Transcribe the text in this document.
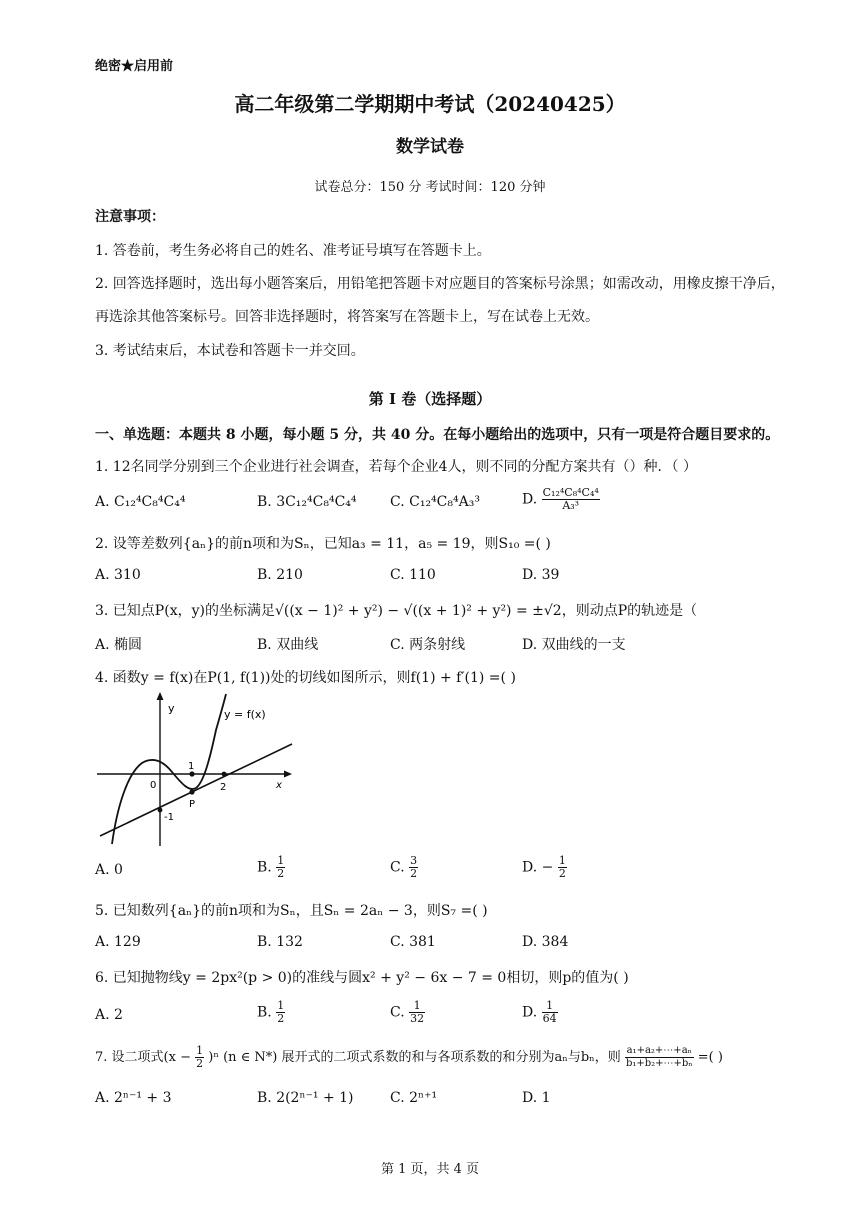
绝密★启用前
高二年级第二学期期中考试（20240425）
数学试卷
试卷总分：150 分 考试时间：120 分钟
注意事项：
1. 答卷前，考生务必将自己的姓名、准考证号填写在答题卡上。
2. 回答选择题时，选出每小题答案后，用铅笔把答题卡对应题目的答案标号涂黑；如需改动，用橡皮擦干净后，
再选涂其他答案标号。回答非选择题时，将答案写在答题卡上，写在试卷上无效。
3. 考试结束后，本试卷和答题卡一并交回。
第 I 卷（选择题）
一、单选题：本题共 8 小题，每小题 5 分，共 40 分。在每小题给出的选项中，只有一项是符合题目要求的。
1. 12名同学分别到三个企业进行社会调查，若每个企业4人，则不同的分配方案共有（）种．（ ）
A. C₁₂⁴C₈⁴C₄⁴	B. 3C₁₂⁴C₈⁴C₄⁴ C. C₁₂⁴C₈⁴A₃³	D. $\frac{\text{C₁₂⁴C₈⁴C₄⁴}}{\text{A₃³}}$
2. 设等差数列{aₙ}的前n项和为Sₙ，已知a₃ = 11，a₅ = 19，则S₁₀ =( )
A. 310	B. 210	C. 110	D. 39
3. 已知点P(x，y)的坐标满足√((x − 1)² + y²) − √((x + 1)² + y²) = ±√2，则动点P的轨迹是（
A. 椭圆	B. 双曲线	C. 两条射线	D. 双曲线的一支
4. 函数y = f(x)在P(1, f(1))处的切线如图所示，则f(1) + f′(1) =( )
y
x
y = f(x)
0
1
2
-1
P
A. 0	B. $\frac{1}{2}$	C. $\frac{3}{2}$	D. − $\frac{1}{2}$
5. 已知数列{aₙ}的前n项和为Sₙ，且Sₙ = 2aₙ − 3，则S₇ =( )
A. 129	B. 132	C. 381	D. 384
6. 已知抛物线y = 2px²(p > 0)的准线与圆x² + y² − 6x − 7 = 0相切，则p的值为( )
A. 2	B. $\frac{1}{2}$	C. $\frac{1}{32}$	D. $\frac{1}{64}$
7. 设二项式$(x - \frac{1}{2} )^n$ (n ∈ N*) 展开式的二项式系数的和与各项系数的和分别为aₙ与bₙ，则 $\frac{\text{a₁+a₂+⋯+aₙ}}{\text{b₁+b₂+⋯+bₙ}}$ =( )
A. 2ⁿ⁻¹ + 3	B. 2(2ⁿ⁻¹ + 1)	C. 2ⁿ⁺¹	D. 1
第 1 页，共 4 页
